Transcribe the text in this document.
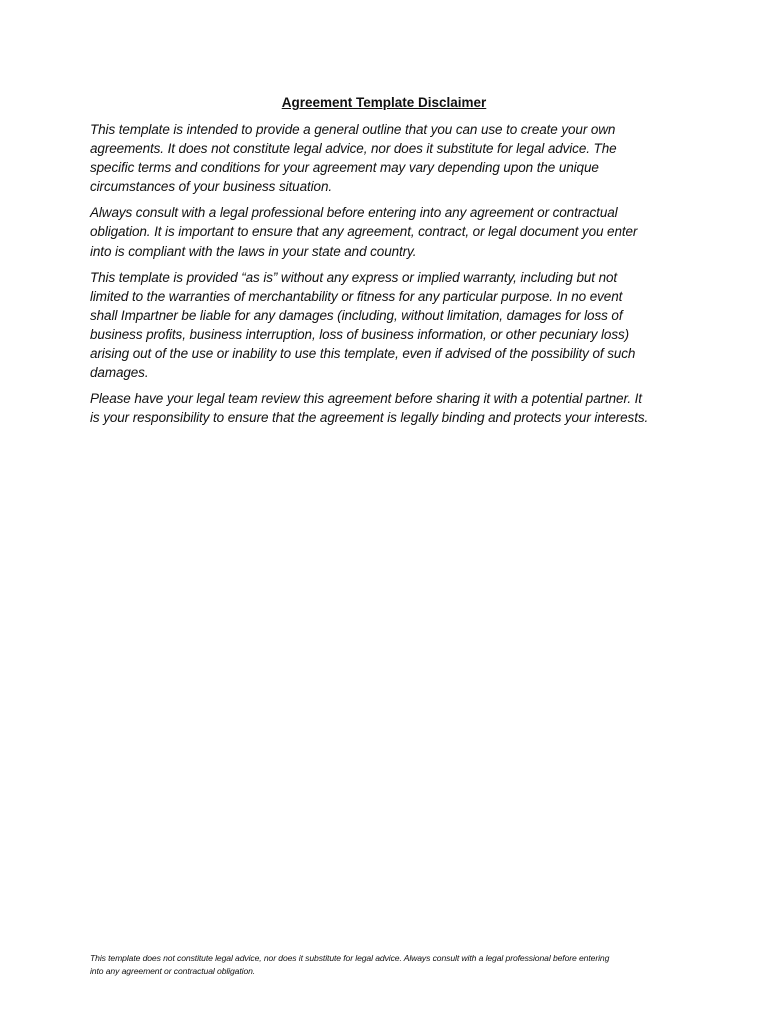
Agreement Template Disclaimer

This template is intended to provide a general outline that you can use to create your own
agreements. It does not constitute legal advice, nor does it substitute for legal advice. The
specific terms and conditions for your agreement may vary depending upon the unique
circumstances of your business situation.

Always consult with a legal professional before entering into any agreement or contractual
obligation. It is important to ensure that any agreement, contract, or legal document you enter
into is compliant with the laws in your state and country.

This template is provided “as is” without any express or implied warranty, including but not
limited to the warranties of merchantability or fitness for any particular purpose. In no event
shall Impartner be liable for any damages (including, without limitation, damages for loss of
business profits, business interruption, loss of business information, or other pecuniary loss)
arising out of the use or inability to use this template, even if advised of the possibility of such
damages.

Please have your legal team review this agreement before sharing it with a potential partner. It
is your responsibility to ensure that the agreement is legally binding and protects your interests.

This template does not constitute legal advice, nor does it substitute for legal advice. Always consult with a legal professional before entering
into any agreement or contractual obligation.
